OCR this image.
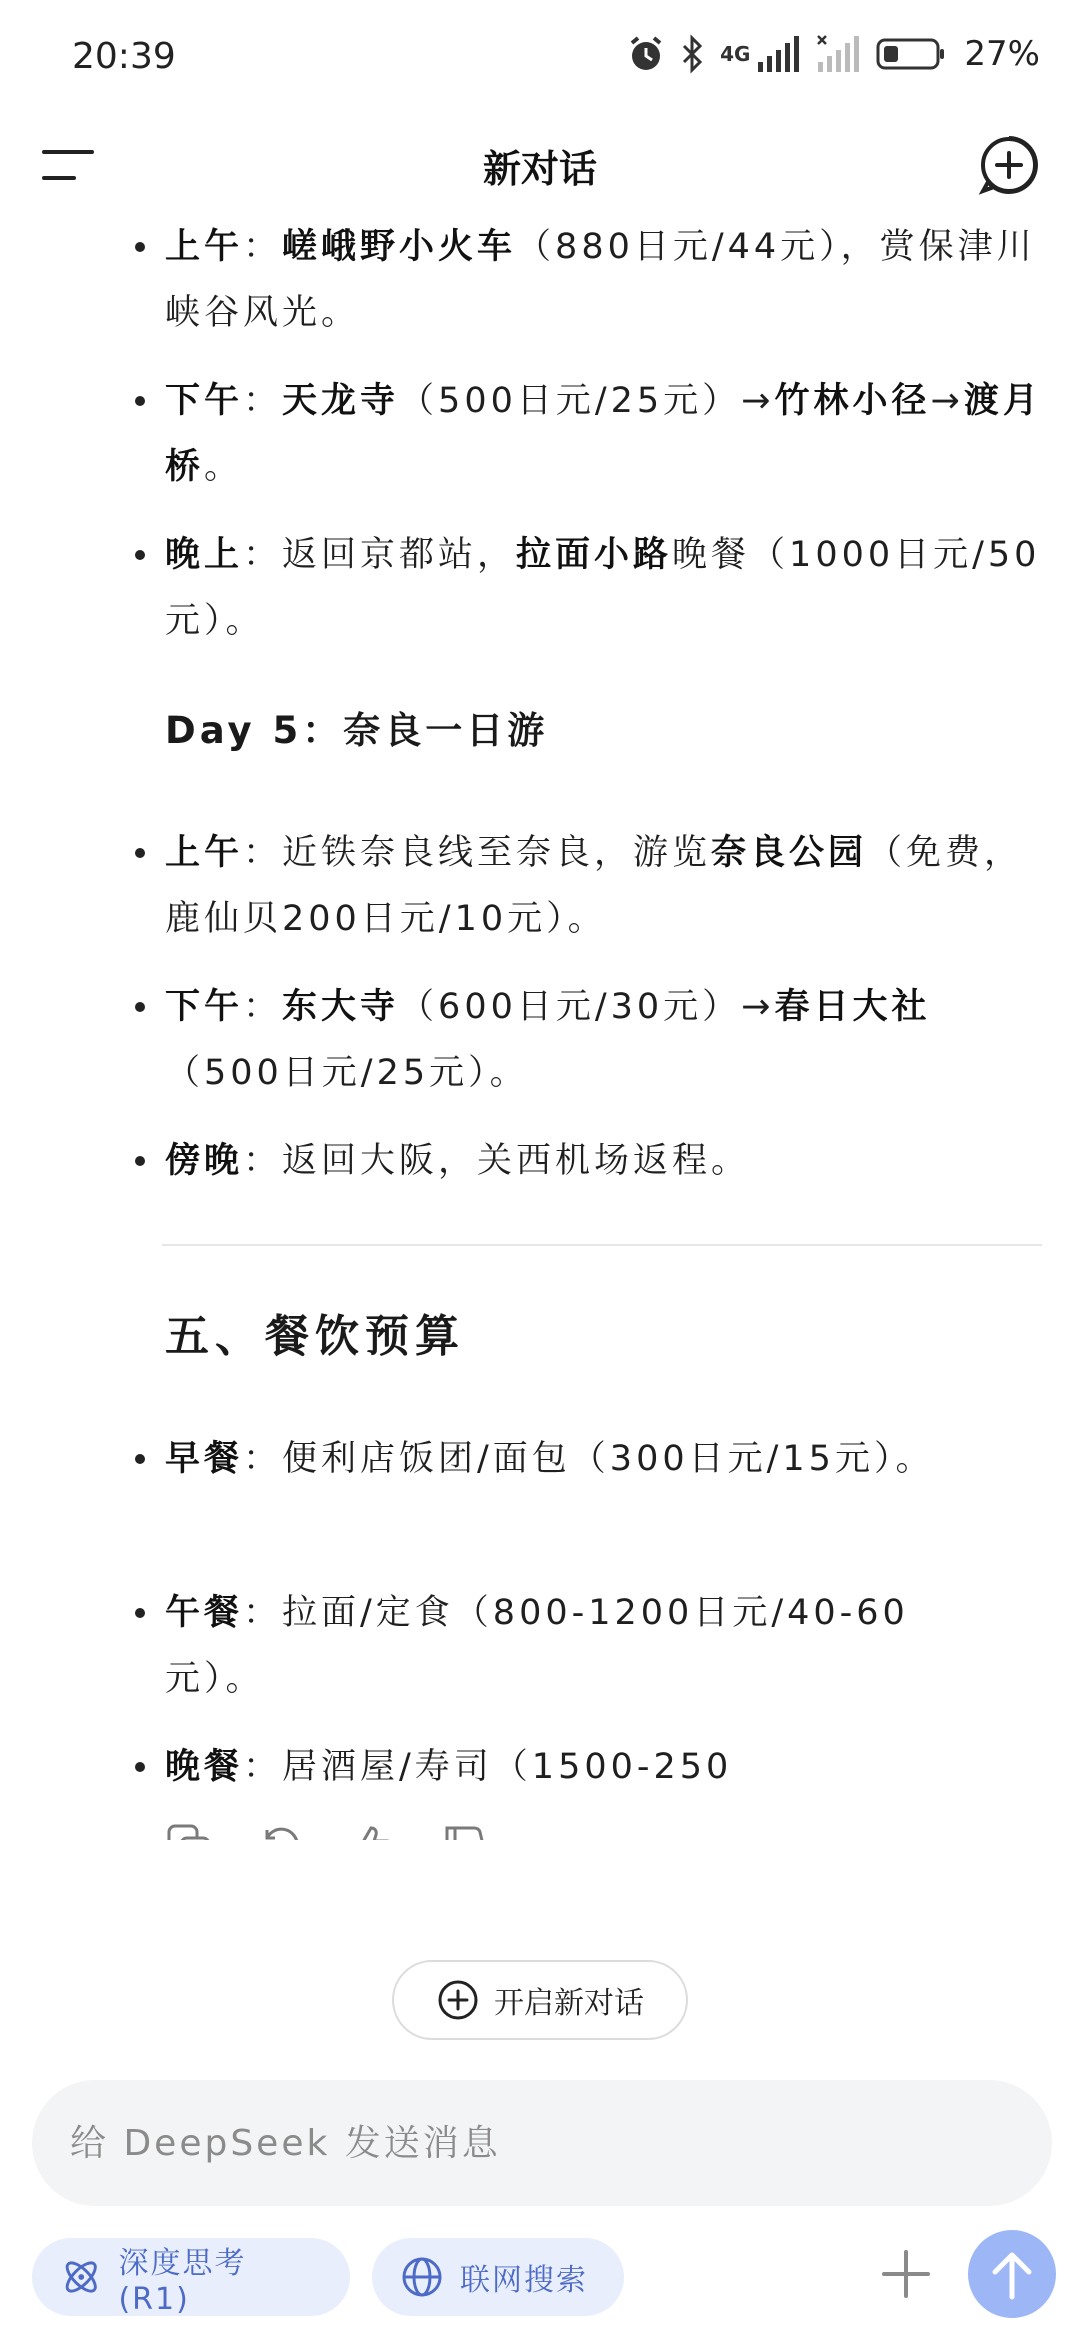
20:39	4G	27%
新对话
上午：嵯峨野小火车（880日元/44元），赏保津川峡谷风光。
下午：天龙寺（500日元/25元）→竹林小径→渡月桥。
晚上：返回京都站，拉面小路晚餐（1000日元/50元）。
Day 5：奈良一日游
上午：近铁奈良线至奈良，游览奈良公园（免费，鹿仙贝200日元/10元）。
下午：东大寺（600日元/30元）→春日大社（500日元/25元）。
傍晚：返回大阪，关西机场返程。
五、餐饮预算
早餐：便利店饭团/面包（300日元/15元）。
午餐：拉面/定食（800-1200日元/40-60元）。
晚餐：居酒屋/寿司（1500-250
开启新对话
给 DeepSeek 发送消息
深度思考 (R1)
联网搜索
